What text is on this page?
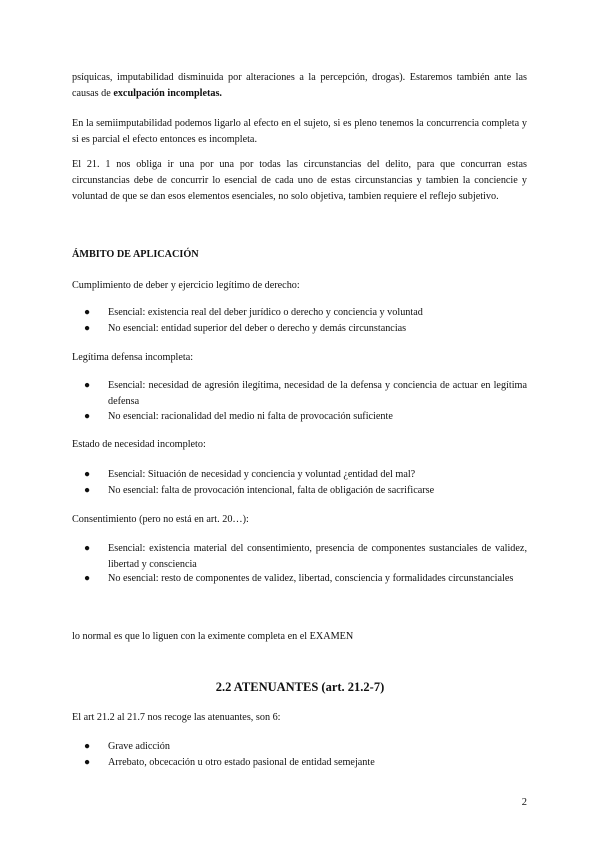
psíquicas, imputabilidad disminuida por alteraciones a la percepción, drogas). Estaremos también ante las causas de exculpación incompletas.

En la semiimputabilidad podemos ligarlo al efecto en el sujeto, si es pleno tenemos la concurrencia completa y si es parcial el efecto entonces es incompleta.

El 21. 1 nos obliga ir una por una por todas las circunstancias del delito, para que concurran estas circunstancias debe de concurrir lo esencial de cada uno de estas circunstancias y tambien la conciencie y voluntad de que se dan esos elementos esenciales, no solo objetiva, tambien requiere el reflejo subjetivo.

ÁMBITO DE APLICACIÓN

Cumplimiento de deber y ejercicio legítimo de derecho:

● Esencial: existencia real del deber jurídico o derecho y conciencia y voluntad
● No esencial: entidad superior del deber o derecho y demás circunstancias

Legítima defensa incompleta:

● Esencial: necesidad de agresión ilegítima, necesidad de la defensa y conciencia de actuar en legítima defensa
● No esencial: racionalidad del medio ni falta de provocación suficiente

Estado de necesidad incompleto:

● Esencial: Situación de necesidad y conciencia y voluntad ¿entidad del mal?
● No esencial: falta de provocación intencional, falta de obligación de sacrificarse

Consentimiento (pero no está en art. 20…):

● Esencial: existencia material del consentimiento, presencia de componentes sustanciales de validez, libertad y consciencia
● No esencial: resto de componentes de validez, libertad, consciencia y formalidades circunstanciales

lo normal es que lo liguen con la eximente completa en el EXAMEN

2.2 ATENUANTES (art. 21.2-7)

El art 21.2 al 21.7 nos recoge las atenuantes, son 6:

● Grave adicción
● Arrebato, obcecación u otro estado pasional de entidad semejante
2
